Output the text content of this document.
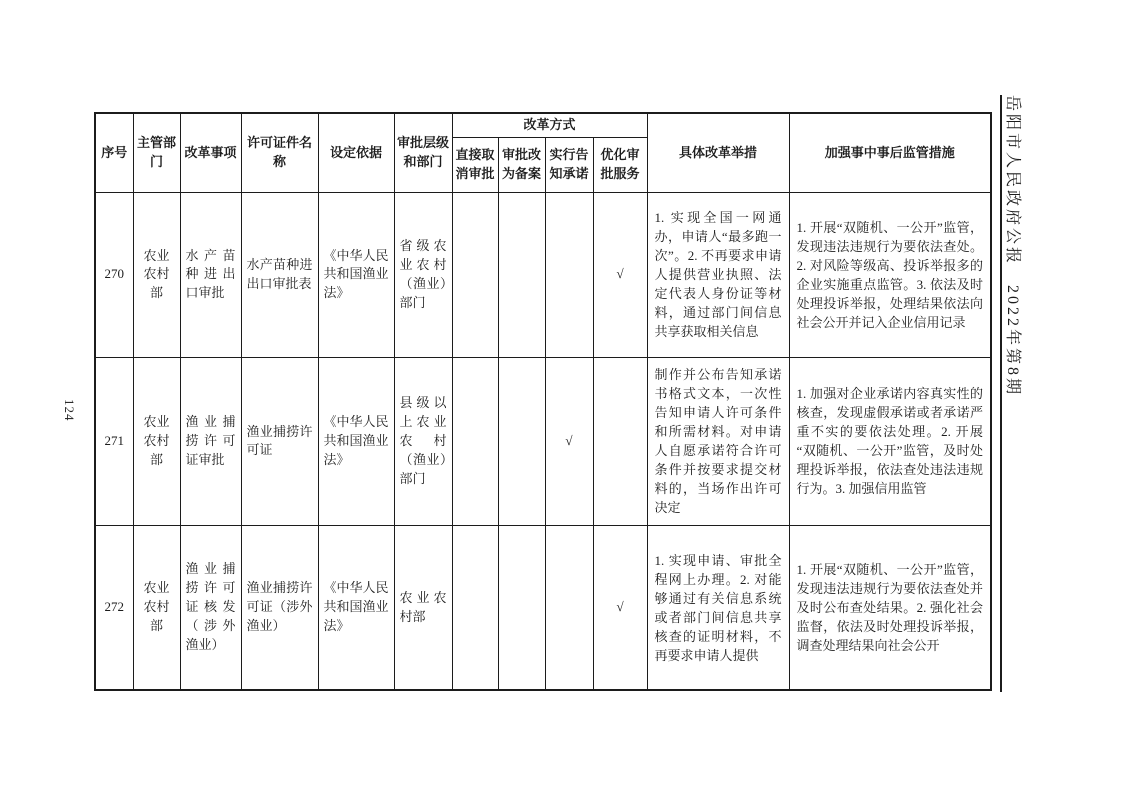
124
岳阳市人民政府公报　2022年第8期
序号	主管部门	改革事项	许可证件名称	设定依据	审批层级和部门	改革方式				具体改革举措	加强事中事后监管措施
						直接取消审批	审批改为备案	实行告知承诺	优化审批服务		
270	农业农村部	水产苗种进出口审批	水产苗种进出口审批表	《中华人民共和国渔业法》	省级农业农村（渔业）部门				√	1. 实现全国一网通办，申请人“最多跑一次”。2. 不再要求申请人提供营业执照、法定代表人身份证等材料，通过部门间信息共享获取相关信息	1. 开展“双随机、一公开”监管，发现违法违规行为要依法查处。2. 对风险等级高、投诉举报多的企业实施重点监管。3. 依法及时处理投诉举报，处理结果依法向社会公开并记入企业信用记录
271	农业农村部	渔业捕捞许可证审批	渔业捕捞许可证	《中华人民共和国渔业法》	县级以上农业农村（渔业）部门			√		制作并公布告知承诺书格式文本，一次性告知申请人许可条件和所需材料。对申请人自愿承诺符合许可条件并按要求提交材料的，当场作出许可决定	1. 加强对企业承诺内容真实性的核查，发现虚假承诺或者承诺严重不实的要依法处理。2. 开展“双随机、一公开”监管，及时处理投诉举报，依法查处违法违规行为。3. 加强信用监管
272	农业农村部	渔业捕捞许可证核发（涉外渔业）	渔业捕捞许可证（涉外渔业）	《中华人民共和国渔业法》	农业农村部				√	1. 实现申请、审批全程网上办理。2. 对能够通过有关信息系统或者部门间信息共享核查的证明材料，不再要求申请人提供	1. 开展“双随机、一公开”监管，发现违法违规行为要依法查处并及时公布查处结果。2. 强化社会监督，依法及时处理投诉举报，调查处理结果向社会公开
